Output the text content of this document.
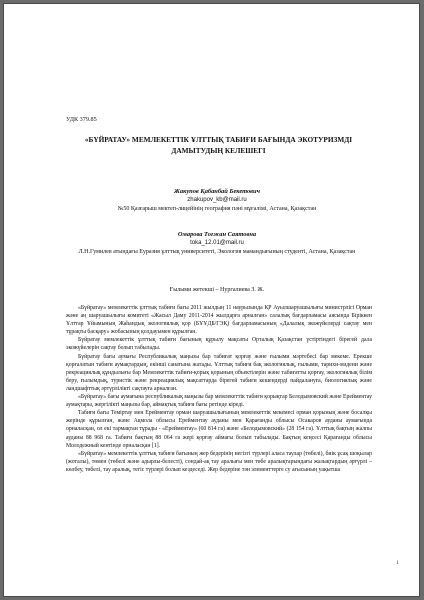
УДК 379.85
«БҮЙРАТАУ» МЕМЛЕКЕТТІК ҰЛТТЫҚ ТАБИҒИ БАҒЫНДА ЭКОТУРИЗМДІ ДАМЫТУДЫҢ КЕЛЕШЕГІ
Жакупов Қабанбай Бекетович
zhakupov_kb@mail.ru
№50 Қазғарыш мектеп-лицейінің география пәні мұғалімі, Астана, Қазақстан
Омарова Тоғжан Саятовна
toka_12.01@mail.ru
Л.Н.Гумилев атындағы Еуразия ұлттық университеті, Экология мамандығының студенті, Астана, Қазақстан
Ғылыми жетекші – Нургалиева З. Ж.

«Бүйратау» мемлекеттік ұлттық табиғи бағы 2011 жылдың 11 наурызында ҚР Ауылшаруашылығы министрлігі Орман және аң шаруашылығы комитеті «Жасыл Даму 2011-2014 жылдарға арналған» салалық бағдарламасы аясында Біріккен Ұлттар Ұйымының Жаһандық экологиялық қор (БҰҰДБ/ГЭҚ) бағдарламасының «Далалық экожүйелерді сақтау мен тұрақты басқару» жобасының қолдауымен құрылған.

Бүйратау мемлекеттік ұлттық табиғи бағының құрылу мақсаты Орталық Қазақстан үстіртіндегі бірегей дала экожүйелерін сақтау болып табылады.

Бүйратау бағы аумағы Республикалық маңызы бар табиғат қорғау және ғылыми мәртебесі бар мекеме. Ерекше қорғалатын табиғи аумақтардың, екінші санатына жатады. Ұлттық табиғи бақ экологиялық, ғылыми, тарихи-мәдени және рекреациялық құндылығы бар Мемлекеттік табиғи-қорық қорының объектілерін және табиғатты қорғау, экологиялық білім беру, ғылымдық, туристік және рекреациялық мақсаттарда бірегей табиғи кешендерді пайдалануға, биологиялық және ландшафттық әртүрлілікті сақтауға арналған.

«Бүйратау» бағы аумағына республикалық маңызы бар мемлекеттік табиғи қорықтар Белодымовский және Ерейментау аумақтары, жергілікті маңызы бар, аймақтық табиғи бағы ретінде кіреді.

Табиғи бағы Теміртау мен Ерейментау орман шаруашылығының мемлекеттік мекемесі орман қорының және босалқы жерінде құрылған, және Ақмола облысы Ерейментау ауданы мен Қарағанды облысы Осакаров ауданы аумағында орналасқан, ол екі тармақтан тұрады - «Ерейментау» (60 814 га) және «Белодымовский» (28 154 га). Ұлттық бақтың жалпы ауданы 88 968 га. Табиғи бақтың 88 064 га жері қорғау аймағы болып табылады. Бақтың кеңсесі Қарағанды облысы Молодежный кентінде орналасқан [1].

«Бүйратау» мемлекеттік ұлттық табиғи бағының жер бедерінің негізгі түрлері аласа таулар (төбелі), биік ұсақ шоқылар (жоталы), төмен (төбелі және адырлы-белесті), сондай-ақ тау аралығы мен төбе аралықтарындағы жазықтардың әртүрлі – көлбеу, төбелі, тау аралық, тегіс түрлері болып кездеседі. Жер бедеріне тән элементтерге су ағысының уақытша

1
